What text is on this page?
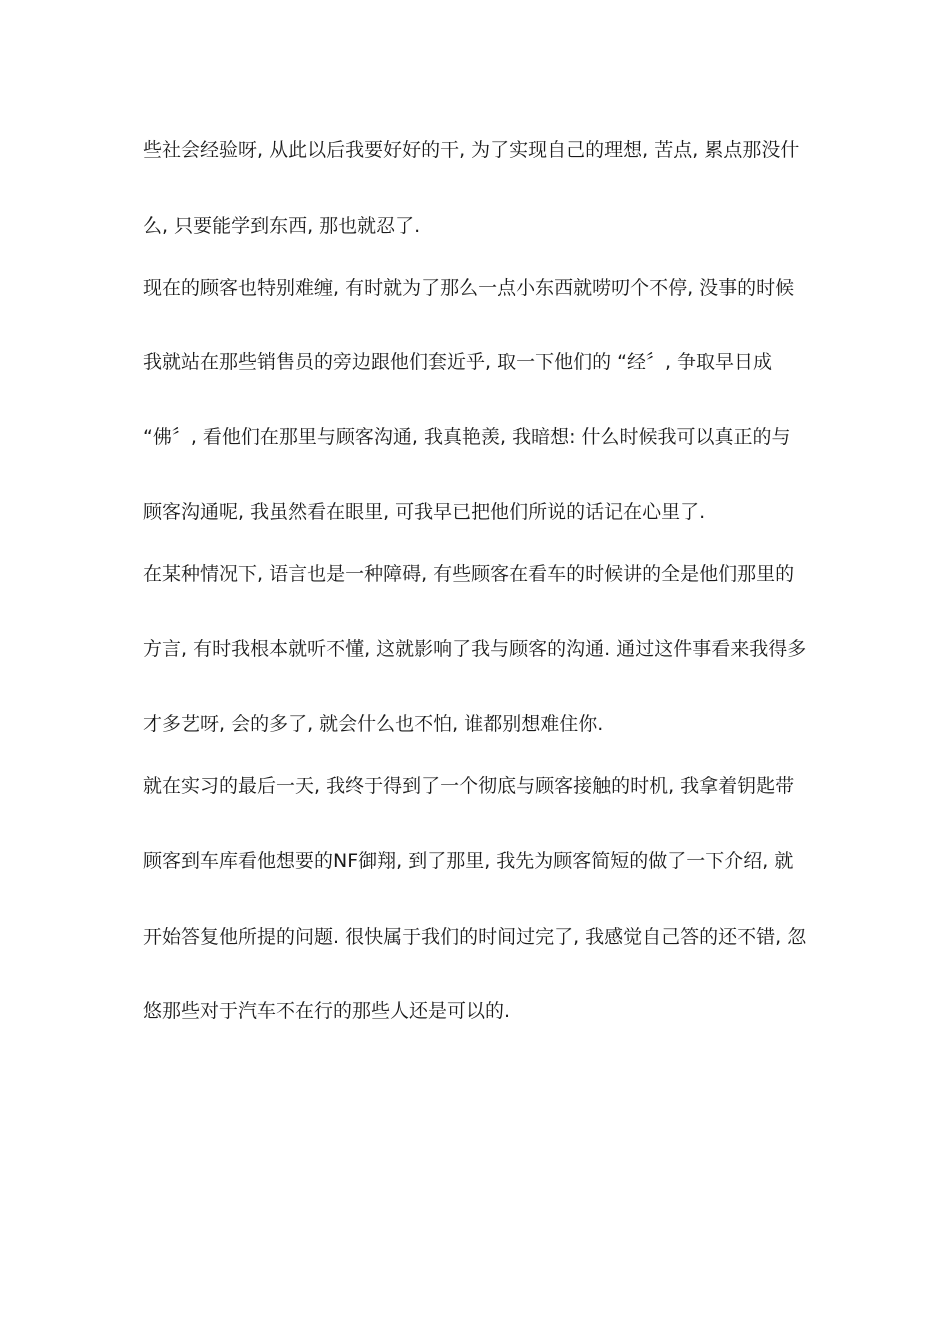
些社会经验呀, 从此以后我要好好的干, 为了实现自己的理想, 苦点, 累点那没什
么, 只要能学到东西, 那也就忍了.
现在的顾客也特别难缠, 有时就为了那么一点小东西就唠叨个不停, 没事的时候
我就站在那些销售员的旁边跟他们套近乎, 取一下他们的 “经〞, 争取早日成
“佛〞, 看他们在那里与顾客沟通, 我真艳羡, 我暗想: 什么时候我可以真正的与
顾客沟通呢, 我虽然看在眼里, 可我早已把他们所说的话记在心里了.
在某种情况下, 语言也是一种障碍, 有些顾客在看车的时候讲的全是他们那里的
方言, 有时我根本就听不懂, 这就影响了我与顾客的沟通. 通过这件事看来我得多
才多艺呀, 会的多了, 就会什么也不怕, 谁都别想难住你.
就在实习的最后一天, 我终于得到了一个彻底与顾客接触的时机, 我拿着钥匙带
顾客到车库看他想要的NF御翔, 到了那里, 我先为顾客简短的做了一下介绍, 就
开始答复他所提的问题. 很快属于我们的时间过完了, 我感觉自己答的还不错, 忽
悠那些对于汽车不在行的那些人还是可以的.
